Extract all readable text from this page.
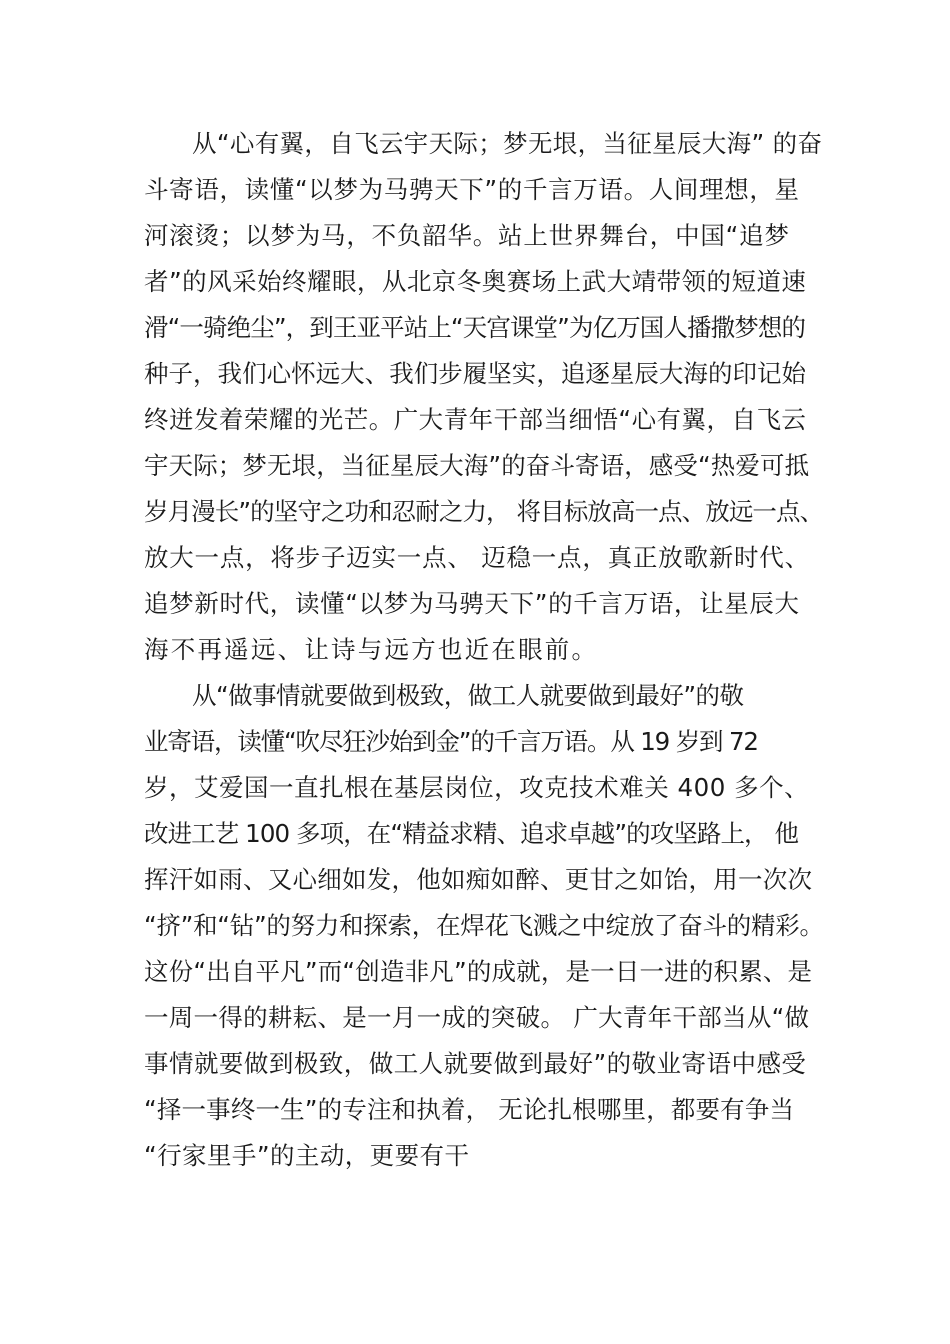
从“心有翼，自飞云宇天际；梦无垠，当征星辰大海” 的奋
斗寄语，读懂“以梦为马骋天下”的千言万语。人间理想，星
河滚烫；以梦为马，不负韶华。站上世界舞台，中国“追梦
者”的风采始终耀眼，从北京冬奥赛场上武大靖带领的短道速
滑“一骑绝尘”，到王亚平站上“天宫课堂”为亿万国人播撒梦想的
种子，我们心怀远大、我们步履坚实，追逐星辰大海的印记始
终迸发着荣耀的光芒。广大青年干部当细悟“心有翼，自飞云
宇天际；梦无垠，当征星辰大海”的奋斗寄语，感受“热爱可抵
岁月漫长”的坚守之功和忍耐之力， 将目标放高一点、放远一点、
放大一点，将步子迈实一点、 迈稳一点，真正放歌新时代、
追梦新时代，读懂“以梦为马骋天下”的千言万语，让星辰大
海不再遥远、让诗与远方也近在眼前。
从“做事情就要做到极致，做工人就要做到最好”的敬
业寄语，读懂“吹尽狂沙始到金”的千言万语。从 19 岁到 72
岁，艾爱国一直扎根在基层岗位，攻克技术难关 400 多个、
改进工艺 100 多项，在“精益求精、追求卓越”的攻坚路上， 他
挥汗如雨、又心细如发，他如痴如醉、更甘之如饴，用一次次
“挤”和“钻”的努力和探索，在焊花飞溅之中绽放了奋斗的精彩。
这份“出自平凡”而“创造非凡”的成就，是一日一进的积累、是
一周一得的耕耘、是一月一成的突破。 广大青年干部当从“做
事情就要做到极致，做工人就要做到最好”的敬业寄语中感受
“择一事终一生”的专注和执着， 无论扎根哪里，都要有争当
“行家里手”的主动，更要有干
